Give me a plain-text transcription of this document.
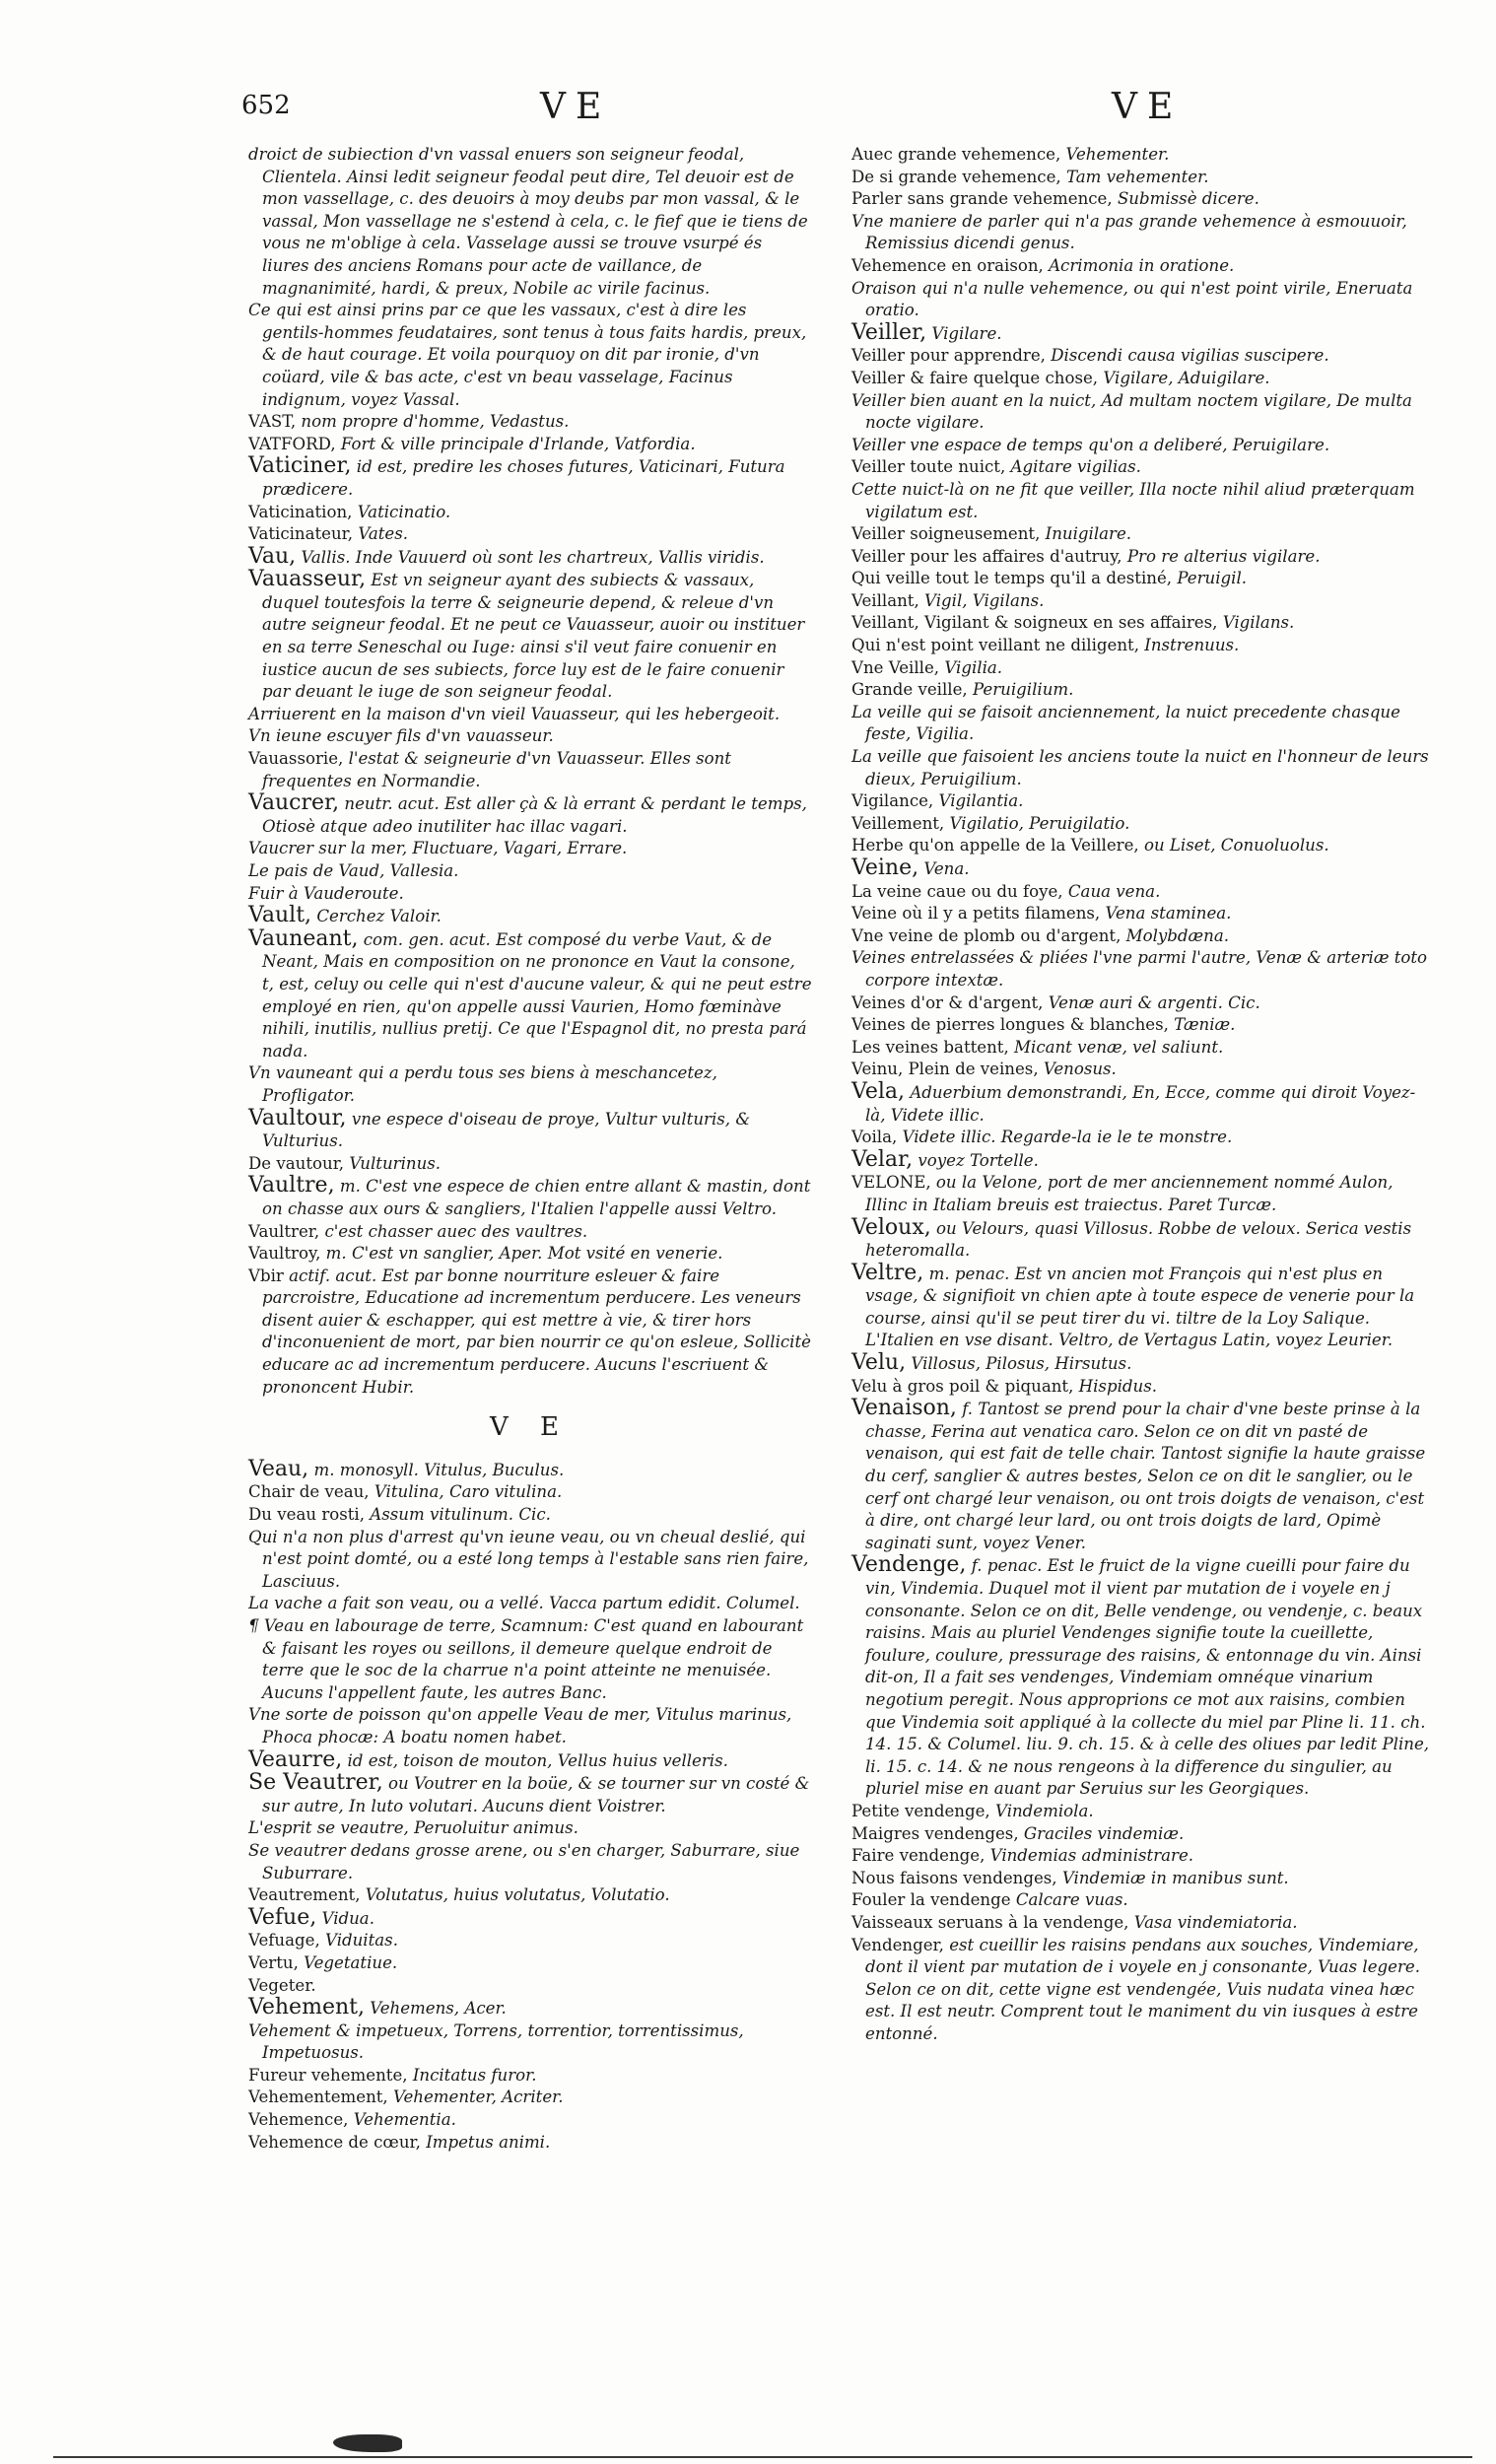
652	VE	VE

droict de subiection d'vn vassal enuers son seigneur feodal, Clientela. Ainsi ledit seigneur feodal peut dire, Tel deuoir est de mon vassellage, c. des deuoirs à moy deubs par mon vassal, & le vassal, Mon vassellage ne s'estend à cela, c. le fief que ie tiens de vous ne m'oblige à cela. Vasselage aussi se trouve vsurpé és liures des anciens Romans pour acte de vaillance, de magnanimité, hardi, & preux, Nobile ac virile facinus.

Ce qui est ainsi prins par ce que les vassaux, c'est à dire les gentils-hommes feudataires, sont tenus à tous faits hardis, preux, & de haut courage. Et voila pourquoy on dit par ironie, d'vn coüard, vile & bas acte, c'est vn beau vasselage, Facinus indignum, voyez Vassal.

VAST, nom propre d'homme, Vedastus.

VATFORD, Fort & ville principale d'Irlande, Vatfordia.

Vaticiner, id est, predire les choses futures, Vaticinari, Futura prædicere.

Vaticination, Vaticinatio.

Vaticinateur, Vates.

Vau, Vallis. Inde Vauuerd où sont les chartreux, Vallis viridis.

Vauasseur, Est vn seigneur ayant des subiects & vassaux, duquel toutesfois la terre & seigneurie depend, & releue d'vn autre seigneur feodal. Et ne peut ce Vauasseur, auoir ou instituer en sa terre Seneschal ou Iuge: ainsi s'il veut faire conuenir en iustice aucun de ses subiects, force luy est de le faire conuenir par deuant le iuge de son seigneur feodal.

Arriuerent en la maison d'vn vieil Vauasseur, qui les hebergeoit.

Vn ieune escuyer fils d'vn vauasseur.

Vauassorie, l'estat & seigneurie d'vn Vauasseur. Elles sont frequentes en Normandie.

Vaucrer, neutr. acut. Est aller çà & là errant & perdant le temps, Otiosè atque adeo inutiliter hac illac vagari.

Vaucrer sur la mer, Fluctuare, Vagari, Errare.

Le pais de Vaud, Vallesia.

Fuir à Vauderoute.

Vault, Cerchez Valoir.

Vauneant, com. gen. acut. Est composé du verbe Vaut, & de Neant, Mais en composition on ne prononce en Vaut la consone, t, est, celuy ou celle qui n'est d'aucune valeur, & qui ne peut estre employé en rien, qu'on appelle aussi Vaurien, Homo fœminàve nihili, inutilis, nullius pretij. Ce que l'Espagnol dit, no presta pará nada.

Vn vauneant qui a perdu tous ses biens à meschancetez, Profligator.

Vaultour, vne espece d'oiseau de proye, Vultur vulturis, & Vulturius.

De vautour, Vulturinus.

Vaultre, m. C'est vne espece de chien entre allant & mastin, dont on chasse aux ours & sangliers, l'Italien l'appelle aussi Veltro.

Vaultrer, c'est chasser auec des vaultres.

Vaultroy, m. C'est vn sanglier, Aper. Mot vsité en venerie.

Vbir actif. acut. Est par bonne nourriture esleuer & faire parcroistre, Educatione ad incrementum perducere. Les veneurs disent auier & eschapper, qui est mettre à vie, & tirer hors d'inconuenient de mort, par bien nourrir ce qu'on esleue, Sollicitè educare ac ad incrementum perducere. Aucuns l'escriuent & prononcent Hubir.

V E

Veau, m. monosyll. Vitulus, Buculus.

Chair de veau, Vitulina, Caro vitulina.

Du veau rosti, Assum vitulinum. Cic.

Qui n'a non plus d'arrest qu'vn ieune veau, ou vn cheual deslié, qui n'est point domté, ou a esté long temps à l'estable sans rien faire, Lasciuus.

La vache a fait son veau, ou a vellé. Vacca partum edidit. Columel.

¶ Veau en labourage de terre, Scamnum: C'est quand en labourant & faisant les royes ou seillons, il demeure quelque endroit de terre que le soc de la charrue n'a point atteinte ne menuisée. Aucuns l'appellent faute, les autres Banc.

Vne sorte de poisson qu'on appelle Veau de mer, Vitulus marinus, Phoca phocæ: A boatu nomen habet.

Veaurre, id est, toison de mouton, Vellus huius velleris.

Se Veautrer, ou Voutrer en la boüe, & se tourner sur vn costé & sur autre, In luto volutari. Aucuns dient Voistrer.

L'esprit se veautre, Peruoluitur animus.

Se veautrer dedans grosse arene, ou s'en charger, Saburrare, siue Suburrare.

Veautrement, Volutatus, huius volutatus, Volutatio.

Vefue, Vidua.

Vefuage, Viduitas.

Vertu, Vegetatiue.

Vegeter.

Vehement, Vehemens, Acer.

Vehement & impetueux, Torrens, torrentior, torrentissimus, Impetuosus.

Fureur vehemente, Incitatus furor.

Vehementement, Vehementer, Acriter.

Vehemence, Vehementia.

Vehemence de cœur, Impetus animi.

Auec grande vehemence, Vehementer.

De si grande vehemence, Tam vehementer.

Parler sans grande vehemence, Submissè dicere.

Vne maniere de parler qui n'a pas grande vehemence à esmouuoir, Remissius dicendi genus.

Vehemence en oraison, Acrimonia in oratione.

Oraison qui n'a nulle vehemence, ou qui n'est point virile, Eneruata oratio.

Veiller, Vigilare.

Veiller pour apprendre, Discendi causa vigilias suscipere.

Veiller & faire quelque chose, Vigilare, Aduigilare.

Veiller bien auant en la nuict, Ad multam noctem vigilare, De multa nocte vigilare.

Veiller vne espace de temps qu'on a deliberé, Peruigilare.

Veiller toute nuict, Agitare vigilias.

Cette nuict-là on ne fit que veiller, Illa nocte nihil aliud præterquam vigilatum est.

Veiller soigneusement, Inuigilare.

Veiller pour les affaires d'autruy, Pro re alterius vigilare.

Qui veille tout le temps qu'il a destiné, Peruigil.

Veillant, Vigil, Vigilans.

Veillant, Vigilant & soigneux en ses affaires, Vigilans.

Qui n'est point veillant ne diligent, Instrenuus.

Vne Veille, Vigilia.

Grande veille, Peruigilium.

La veille qui se faisoit anciennement, la nuict precedente chasque feste, Vigilia.

La veille que faisoient les anciens toute la nuict en l'honneur de leurs dieux, Peruigilium.

Vigilance, Vigilantia.

Veillement, Vigilatio, Peruigilatio.

Herbe qu'on appelle de la Veillere, ou Liset, Conuoluolus.

Veine, Vena.

La veine caue ou du foye, Caua vena.

Veine où il y a petits filamens, Vena staminea.

Vne veine de plomb ou d'argent, Molybdæna.

Veines entrelassées & pliées l'vne parmi l'autre, Venæ & arteriæ toto corpore intextæ.

Veines d'or & d'argent, Venæ auri & argenti. Cic.

Veines de pierres longues & blanches, Tæniæ.

Les veines battent, Micant venæ, vel saliunt.

Veinu, Plein de veines, Venosus.

Vela, Aduerbium demonstrandi, En, Ecce, comme qui diroit Voyez-là, Videte illic.

Voila, Videte illic. Regarde-la ie le te monstre.

Velar, voyez Tortelle.

VELONE, ou la Velone, port de mer anciennement nommé Aulon, Illinc in Italiam breuis est traiectus. Paret Turcæ.

Veloux, ou Velours, quasi Villosus. Robbe de veloux. Serica vestis heteromalla.

Veltre, m. penac. Est vn ancien mot François qui n'est plus en vsage, & signifioit vn chien apte à toute espece de venerie pour la course, ainsi qu'il se peut tirer du vi. tiltre de la Loy Salique. L'Italien en vse disant. Veltro, de Vertagus Latin, voyez Leurier.

Velu, Villosus, Pilosus, Hirsutus.

Velu à gros poil & piquant, Hispidus.

Venaison, f. Tantost se prend pour la chair d'vne beste prinse à la chasse, Ferina aut venatica caro. Selon ce on dit vn pasté de venaison, qui est fait de telle chair. Tantost signifie la haute graisse du cerf, sanglier & autres bestes, Selon ce on dit le sanglier, ou le cerf ont chargé leur venaison, ou ont trois doigts de venaison, c'est à dire, ont chargé leur lard, ou ont trois doigts de lard, Opimè saginati sunt, voyez Vener.

Vendenge, f. penac. Est le fruict de la vigne cueilli pour faire du vin, Vindemia. Duquel mot il vient par mutation de i voyele en j consonante. Selon ce on dit, Belle vendenge, ou vendenje, c. beaux raisins. Mais au pluriel Vendenges signifie toute la cueillette, foulure, coulure, pressurage des raisins, & entonnage du vin. Ainsi dit-on, Il a fait ses vendenges, Vindemiam omnéque vinarium negotium peregit. Nous approprions ce mot aux raisins, combien que Vindemia soit appliqué à la collecte du miel par Pline li. 11. ch. 14. 15. & Columel. liu. 9. ch. 15. & à celle des oliues par ledit Pline, li. 15. c. 14. & ne nous rengeons à la difference du singulier, au pluriel mise en auant par Seruius sur les Georgiques.

Petite vendenge, Vindemiola.

Maigres vendenges, Graciles vindemiæ.

Faire vendenge, Vindemias administrare.

Nous faisons vendenges, Vindemiæ in manibus sunt.

Fouler la vendenge Calcare vuas.

Vaisseaux seruans à la vendenge, Vasa vindemiatoria.

Vendenger, est cueillir les raisins pendans aux souches, Vindemiare, dont il vient par mutation de i voyele en j consonante, Vuas legere. Selon ce on dit, cette vigne est vendengée, Vuis nudata vinea hæc est. Il est neutr. Comprent tout le maniment du vin iusques à estre entonné.
